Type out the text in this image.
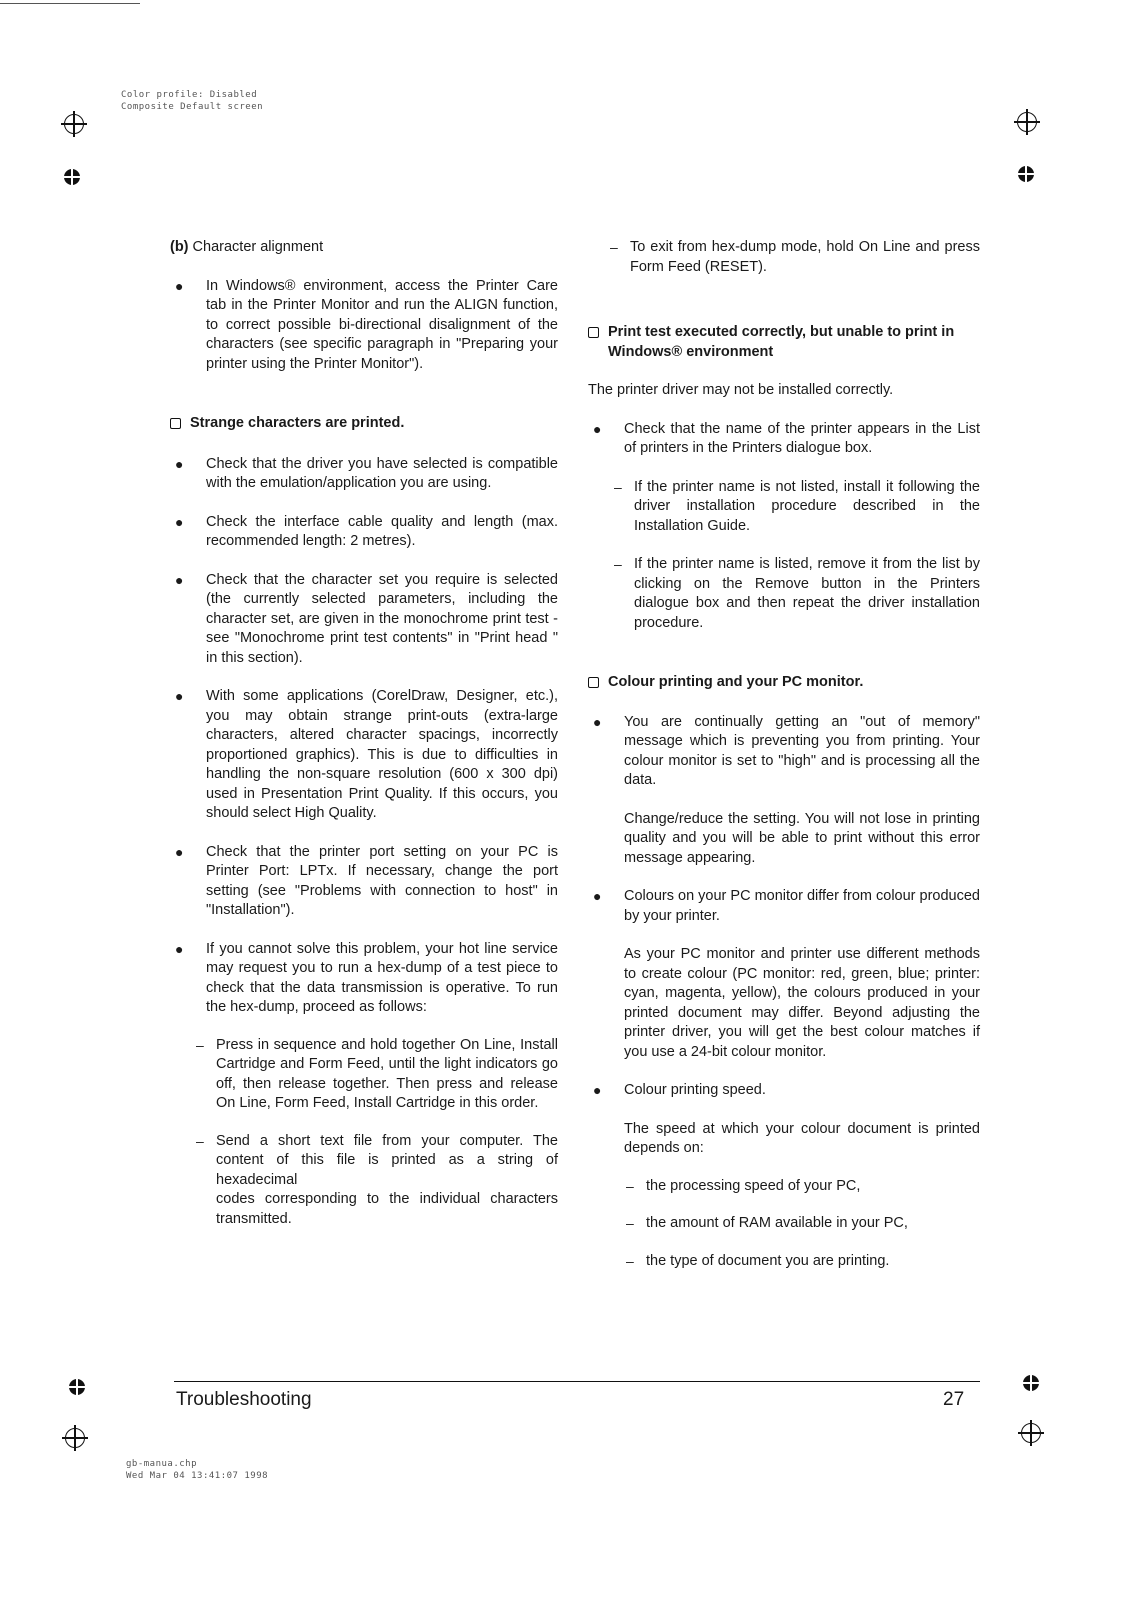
Color profile: Disabled
Composite Default screen

(b) Character alignment

●	In Windows® environment, access the Printer Care tab in the Printer Monitor and run the ALIGN function, to correct possible bi-directional disalignment of the characters (see specific paragraph in "Preparing your printer using the Printer Monitor").
Strange characters are printed.
●	Check that the driver you have selected is compatible with the emulation/application you are using.
●	Check the interface cable quality and length (max. recommended length: 2 metres).
●	Check that the character set you require is selected (the currently selected parameters, including the character set, are given in the monochrome print test - see "Monochrome print test contents" in "Print head " in this section).
●	With some applications (CorelDraw, Designer, etc.), you may obtain strange print-outs (extra-large characters, altered character spacings, incorrectly proportioned graphics). This is due to difficulties in handling the non-square resolution (600 x 300 dpi) used in Presentation Print Quality. If this occurs, you should select High Quality.
●	Check that the printer port setting on your PC is Printer Port: LPTx. If necessary, change the port setting (see "Problems with connection to host" in "Installation").
●	If you cannot solve this problem, your hot line service may request you to run a hex-dump of a test piece to check that the data transmission is operative. To run the hex-dump, proceed as follows:
– Press in sequence and hold together On Line, Install Cartridge and Form Feed, until the light indicators go off, then release together. Then press and release On Line, Form Feed, Install Cartridge in this order.
– Send a short text file from your computer. The content of this file is printed as a string of hexadecimal
codes corresponding to the individual characters transmitted.
– To exit from hex-dump mode, hold On Line and press Form Feed (RESET).
Print test executed correctly, but unable to print in Windows® environment

The printer driver may not be installed correctly.

●	Check that the name of the printer appears in the List of printers in the Printers dialogue box.
– If the printer name is not listed, install it following the driver installation procedure described in the Installation Guide.
– If the printer name is listed, remove it from the list by clicking on the Remove button in the Printers dialogue box and then repeat the driver installation procedure.
Colour printing and your PC monitor.
●	You are continually getting an "out of memory" message which is preventing you from printing. Your colour monitor is set to "high" and is processing all the data.

Change/reduce the setting. You will not lose in printing quality and you will be able to print without this error message appearing.

●	Colours on your PC monitor differ from colour produced by your printer.

As your PC monitor and printer use different methods to create colour (PC monitor: red, green, blue; printer: cyan, magenta, yellow), the colours produced in your printed document may differ. Beyond adjusting the printer driver, you will get the best colour matches if you use a 24-bit colour monitor.

●	Colour printing speed.

The speed at which your colour document is printed depends on:

– the processing speed of your PC,
– the amount of RAM available in your PC,
– the type of document you are printing.
Troubleshooting	27
gb-manua.chp
Wed Mar 04 13:41:07 1998
